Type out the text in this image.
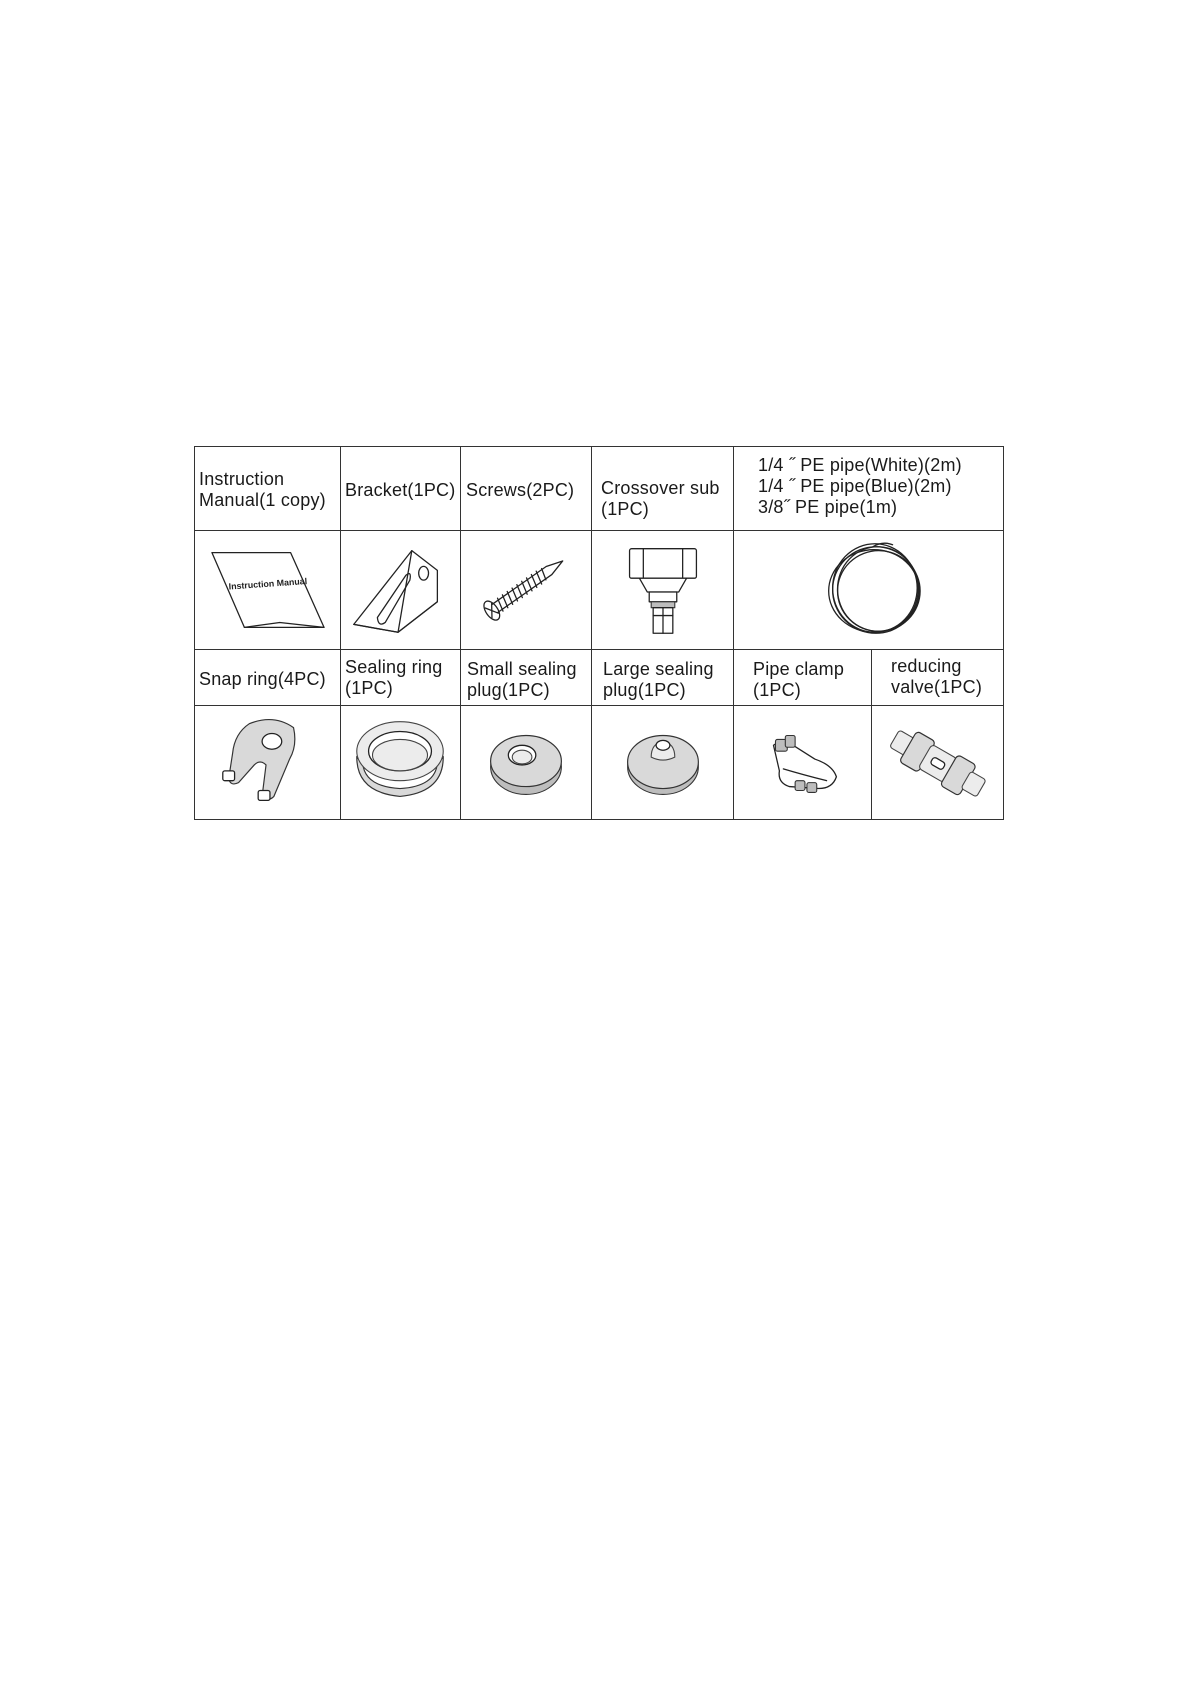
Instruction
Manual(1 copy) Bracket(1PC) Screws(2PC) Crossover sub
(1PC)
1/4 ˝ PE pipe(White)(2m)
1/4 ˝ PE pipe(Blue)(2m)
3/8˝ PE pipe(1m)
Instruction Manual
Snap ring(4PC)
Sealing ring
(1PC)
Small sealing
plug(1PC)
Large sealing
plug(1PC)
Pipe clamp
(1PC)
reducing
valve(1PC)
